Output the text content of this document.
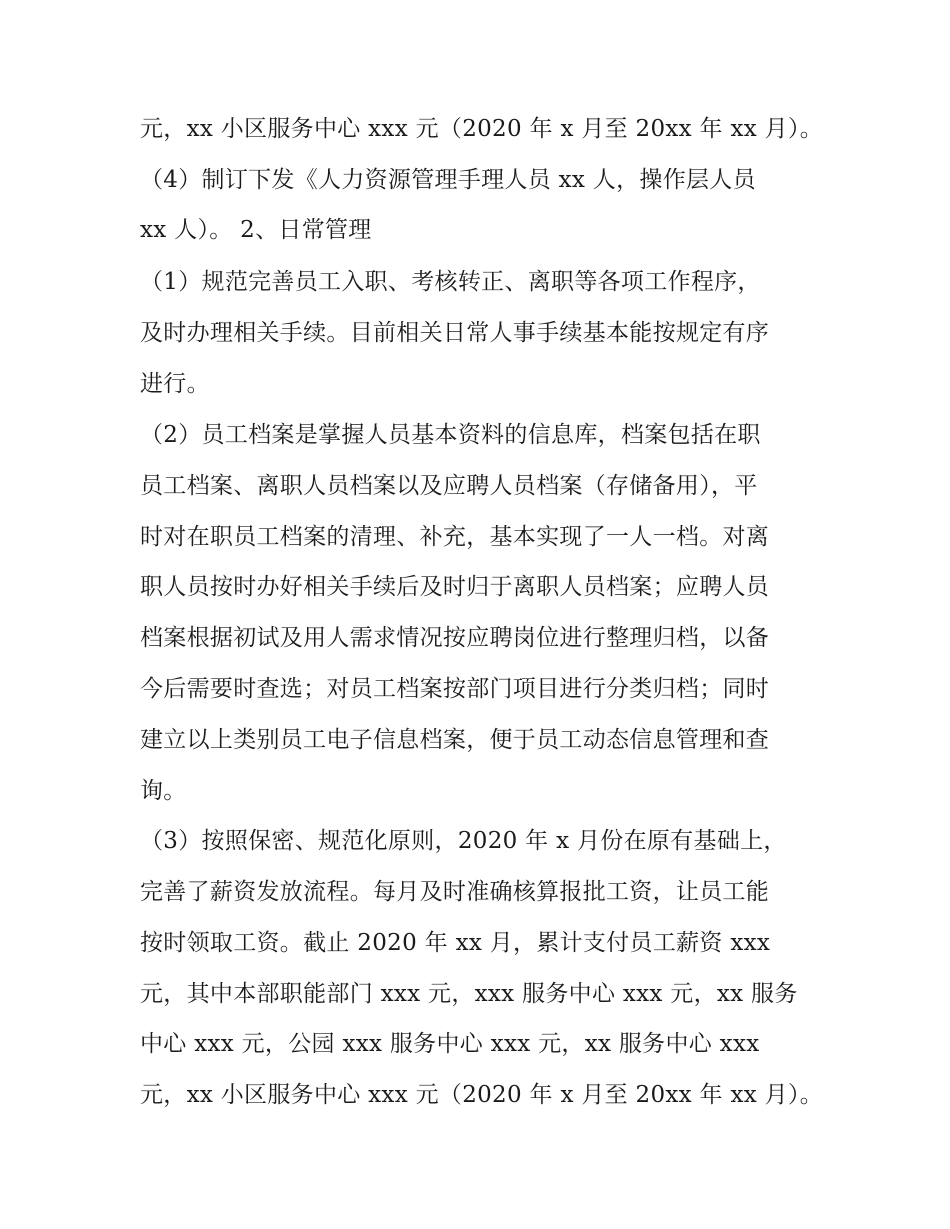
元，xx 小区服务中心 xxx 元（2020 年 x 月至 20xx 年 xx 月）。
（4）制订下发《人力资源管理手理人员 xx 人，操作层人员
xx 人）。 2、日常管理
（1）规范完善员工入职、考核转正、离职等各项工作程序，
及时办理相关手续。目前相关日常人事手续基本能按规定有序
进行。
（2）员工档案是掌握人员基本资料的信息库，档案包括在职
员工档案、离职人员档案以及应聘人员档案（存储备用），平
时对在职员工档案的清理、补充，基本实现了一人一档。对离
职人员按时办好相关手续后及时归于离职人员档案；应聘人员
档案根据初试及用人需求情况按应聘岗位进行整理归档，以备
今后需要时查选；对员工档案按部门项目进行分类归档；同时
建立以上类别员工电子信息档案，便于员工动态信息管理和查
询。
（3）按照保密、规范化原则，2020 年 x 月份在原有基础上，
完善了薪资发放流程。每月及时准确核算报批工资，让员工能
按时领取工资。截止 2020 年 xx 月，累计支付员工薪资 xxx
元，其中本部职能部门 xxx 元，xxx 服务中心 xxx 元，xx 服务
中心 xxx 元，公园 xxx 服务中心 xxx 元，xx 服务中心 xxx
元，xx 小区服务中心 xxx 元（2020 年 x 月至 20xx 年 xx 月）。
